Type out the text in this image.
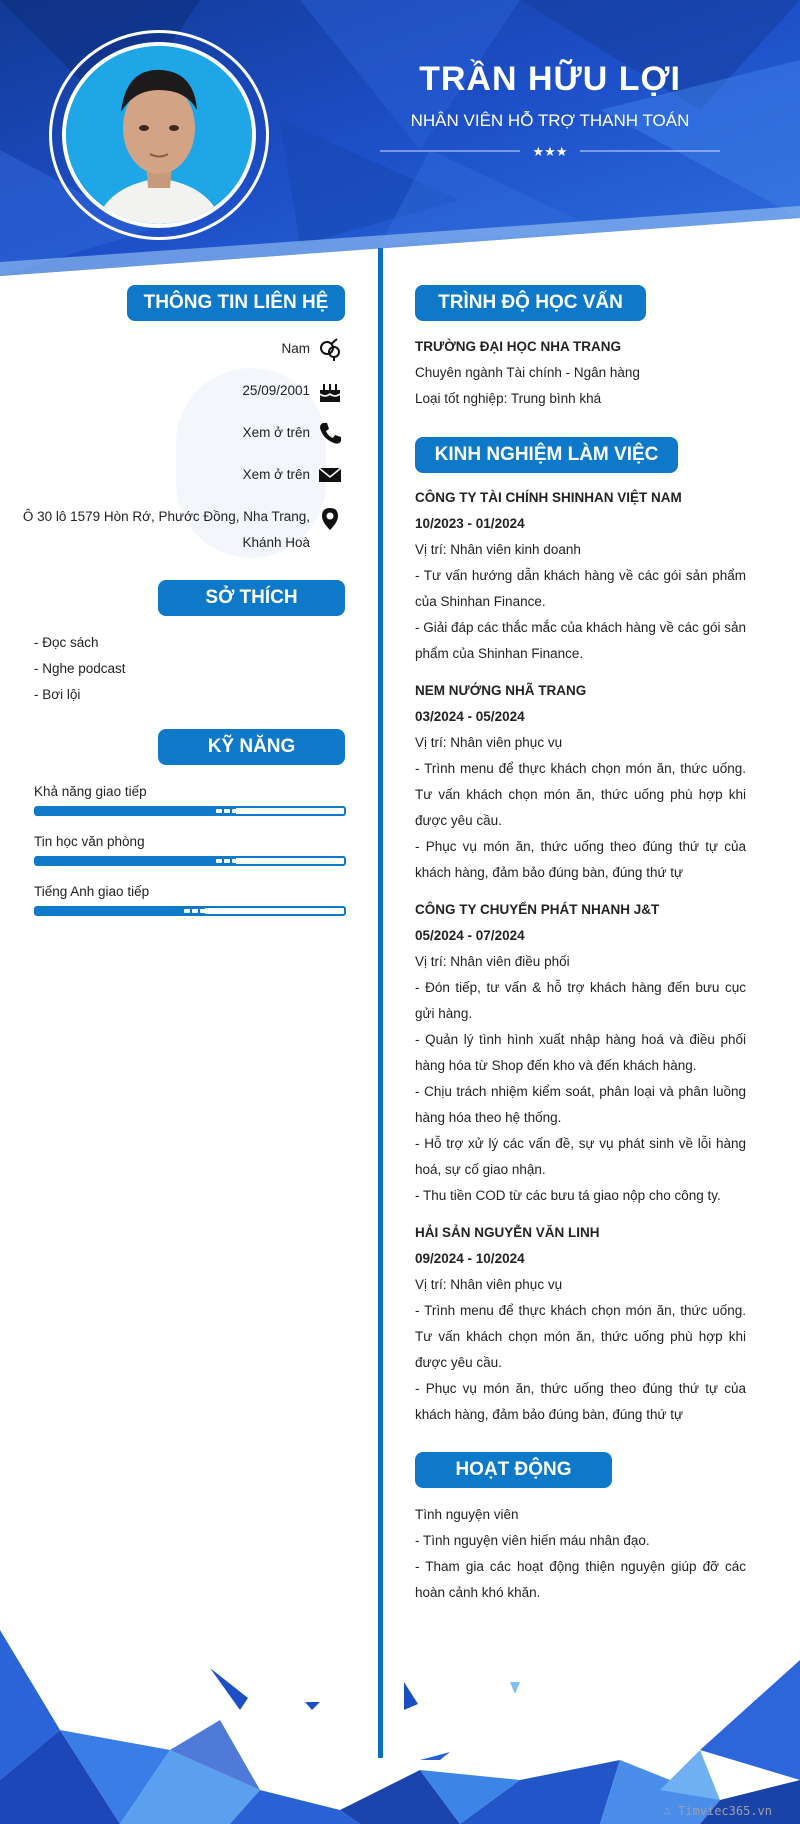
TRẦN HỮU LỢI
NHÂN VIÊN HỖ TRỢ THANH TOÁN
★★★
THÔNG TIN LIÊN HỆ
Nam
25/09/2001
Xem ở trên
Xem ở trên
Ô 30 lô 1579 Hòn Rớ, Phước Đồng, Nha Trang,
Khánh Hoà
SỞ THÍCH
- Đọc sách
- Nghe podcast
- Bơi lội
KỸ NĂNG
Khả năng giao tiếp
Tin học văn phòng
Tiếng Anh giao tiếp
TRÌNH ĐỘ HỌC VẤN
TRƯỜNG ĐẠI HỌC NHA TRANG
Chuyên ngành Tài chính - Ngân hàng
Loại tốt nghiệp: Trung bình khá
KINH NGHIỆM LÀM VIỆC
CÔNG TY TÀI CHÍNH SHINHAN VIỆT NAM
10/2023 - 01/2024
Vị trí: Nhân viên kinh doanh
- Tư vấn hướng dẫn khách hàng về các gói sản phẩm của Shinhan Finance.
- Giải đáp các thắc mắc của khách hàng về các gói sản phẩm của Shinhan Finance.
NEM NƯỚNG NHÃ TRANG
03/2024 - 05/2024
Vị trí: Nhân viên phục vụ
- Trình menu để thực khách chọn món ăn, thức uống. Tư vấn khách chọn món ăn, thức uống phù hợp khi được yêu cầu.
- Phục vụ món ăn, thức uống theo đúng thứ tự của khách hàng, đảm bảo đúng bàn, đúng thứ tự
CÔNG TY CHUYỂN PHÁT NHANH J&T
05/2024 - 07/2024
Vị trí: Nhân viên điều phối
- Đón tiếp, tư vấn & hỗ trợ khách hàng đến bưu cục gửi hàng.
- Quản lý tình hình xuất nhập hàng hoá và điều phối hàng hóa từ Shop đến kho và đến khách hàng.
- Chịu trách nhiệm kiểm soát, phân loại và phân luồng hàng hóa theo hệ thống.
- Hỗ trợ xử lý các vấn đề, sự vụ phát sinh về lỗi hàng hoá, sự cố giao nhận.
- Thu tiền COD từ các bưu tá giao nộp cho công ty.
HẢI SẢN NGUYỄN VĂN LINH
09/2024 - 10/2024
Vị trí: Nhân viên phục vụ
- Trình menu để thực khách chọn món ăn, thức uống. Tư vấn khách chọn món ăn, thức uống phù hợp khi được yêu cầu.
- Phục vụ món ăn, thức uống theo đúng thứ tự của khách hàng, đảm bảo đúng bàn, đúng thứ tự
HOẠT ĐỘNG
Tình nguyện viên
- Tình nguyện viên hiến máu nhân đạo.
- Tham gia các hoạt động thiện nguyện giúp đỡ các hoàn cảnh khó khăn.
∴ Timviec365.vn
